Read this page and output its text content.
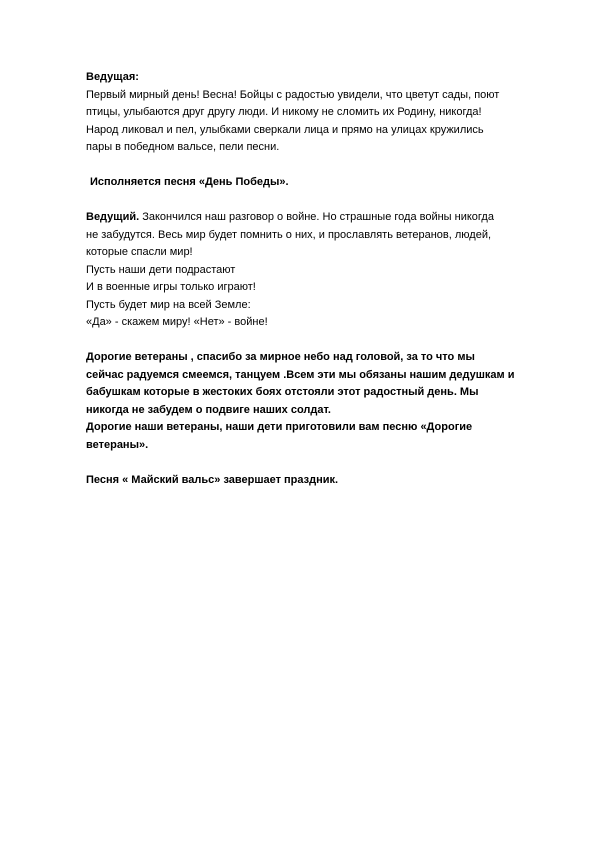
Ведущая:
Первый мирный день! Весна! Бойцы с радостью увидели, что цветут сады, поют
птицы, улыбаются друг другу люди. И никому не сломить их Родину, никогда!
Народ ликовал и пел, улыбками сверкали лица и прямо на улицах кружились
пары в победном вальсе, пели песни.
Исполняется песня «День Победы».
Ведущий. Закончился наш разговор о войне. Но страшные года войны никогда
не забудутся. Весь мир будет помнить о них, и прославлять ветеранов, людей,
которые спасли мир!
Пусть наши дети подрастают
И в военные игры только играют!
Пусть будет мир на всей Земле:
«Да» - скажем миру! «Нет» - войне!
Дорогие ветераны , спасибо за мирное небо над головой, за то что мы
сейчас радуемся смеемся, танцуем .Всем эти мы обязаны нашим дедушкам и
бабушкам которые в жестоких боях отстояли этот радостный день. Мы
никогда не забудем о подвиге наших солдат.
Дорогие наши ветераны, наши дети приготовили вам песню «Дорогие
ветераны».
Песня « Майский вальс» завершает праздник.
